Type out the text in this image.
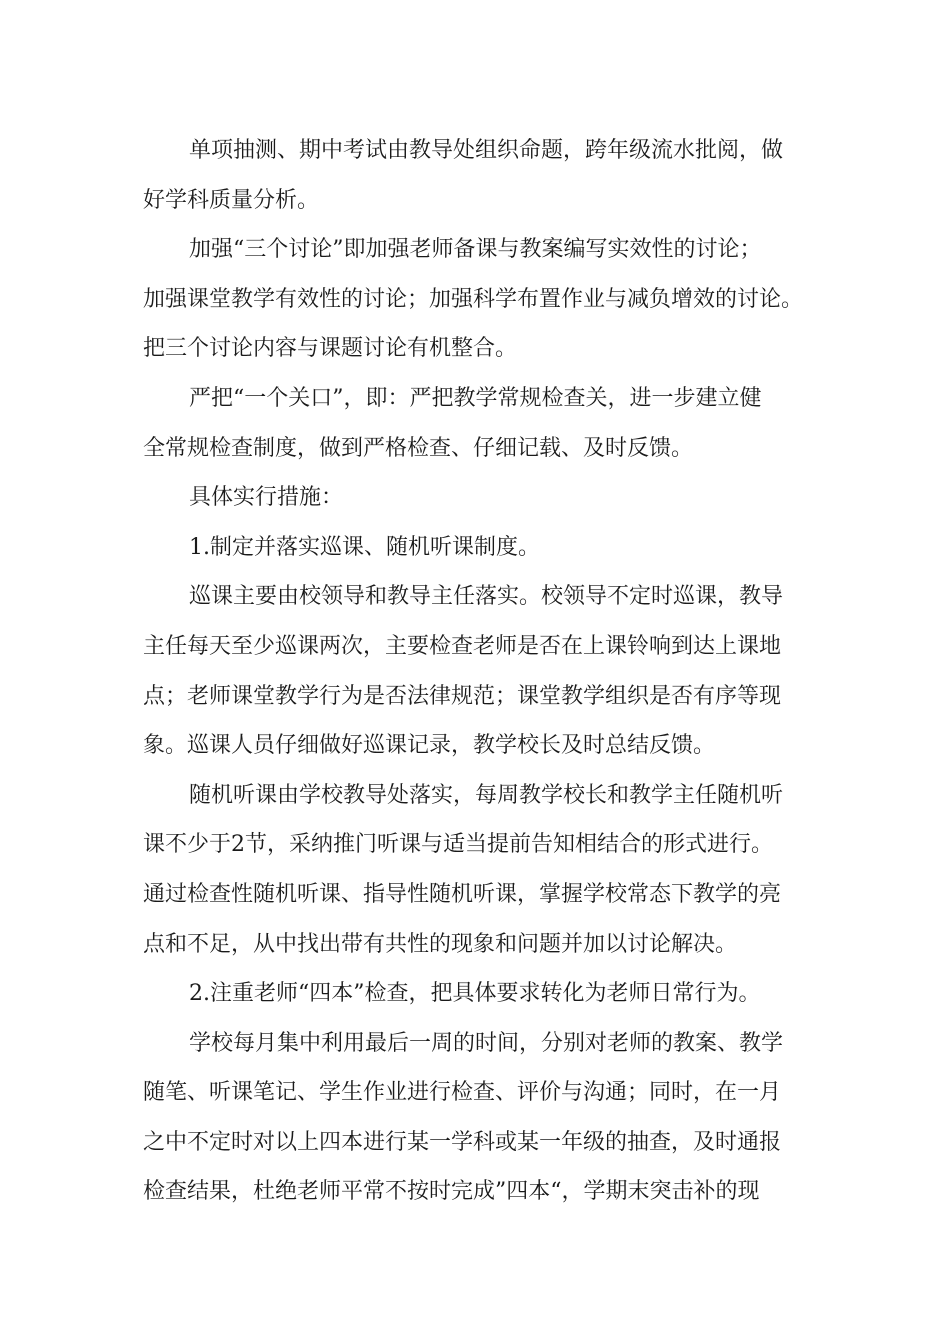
单项抽测、期中考试由教导处组织命题，跨年级流水批阅，做
好学科质量分析。
加强“三个讨论”即加强老师备课与教案编写实效性的讨论；
加强课堂教学有效性的讨论；加强科学布置作业与减负增效的讨论。
把三个讨论内容与课题讨论有机整合。
严把“一个关口”，即：严把教学常规检查关，进一步建立健
全常规检查制度，做到严格检查、仔细记载、及时反馈。
具体实行措施：
1.制定并落实巡课、随机听课制度。
巡课主要由校领导和教导主任落实。校领导不定时巡课，教导
主任每天至少巡课两次，主要检查老师是否在上课铃响到达上课地
点；老师课堂教学行为是否法律规范；课堂教学组织是否有序等现
象。巡课人员仔细做好巡课记录，教学校长及时总结反馈。
随机听课由学校教导处落实，每周教学校长和教学主任随机听
课不少于2节，采纳推门听课与适当提前告知相结合的形式进行。
通过检查性随机听课、指导性随机听课，掌握学校常态下教学的亮
点和不足，从中找出带有共性的现象和问题并加以讨论解决。
2.注重老师“四本”检查，把具体要求转化为老师日常行为。
学校每月集中利用最后一周的时间，分别对老师的教案、教学
随笔、听课笔记、学生作业进行检查、评价与沟通；同时，在一月
之中不定时对以上四本进行某一学科或某一年级的抽查，及时通报
检查结果，杜绝老师平常不按时完成”四本“，学期末突击补的现
